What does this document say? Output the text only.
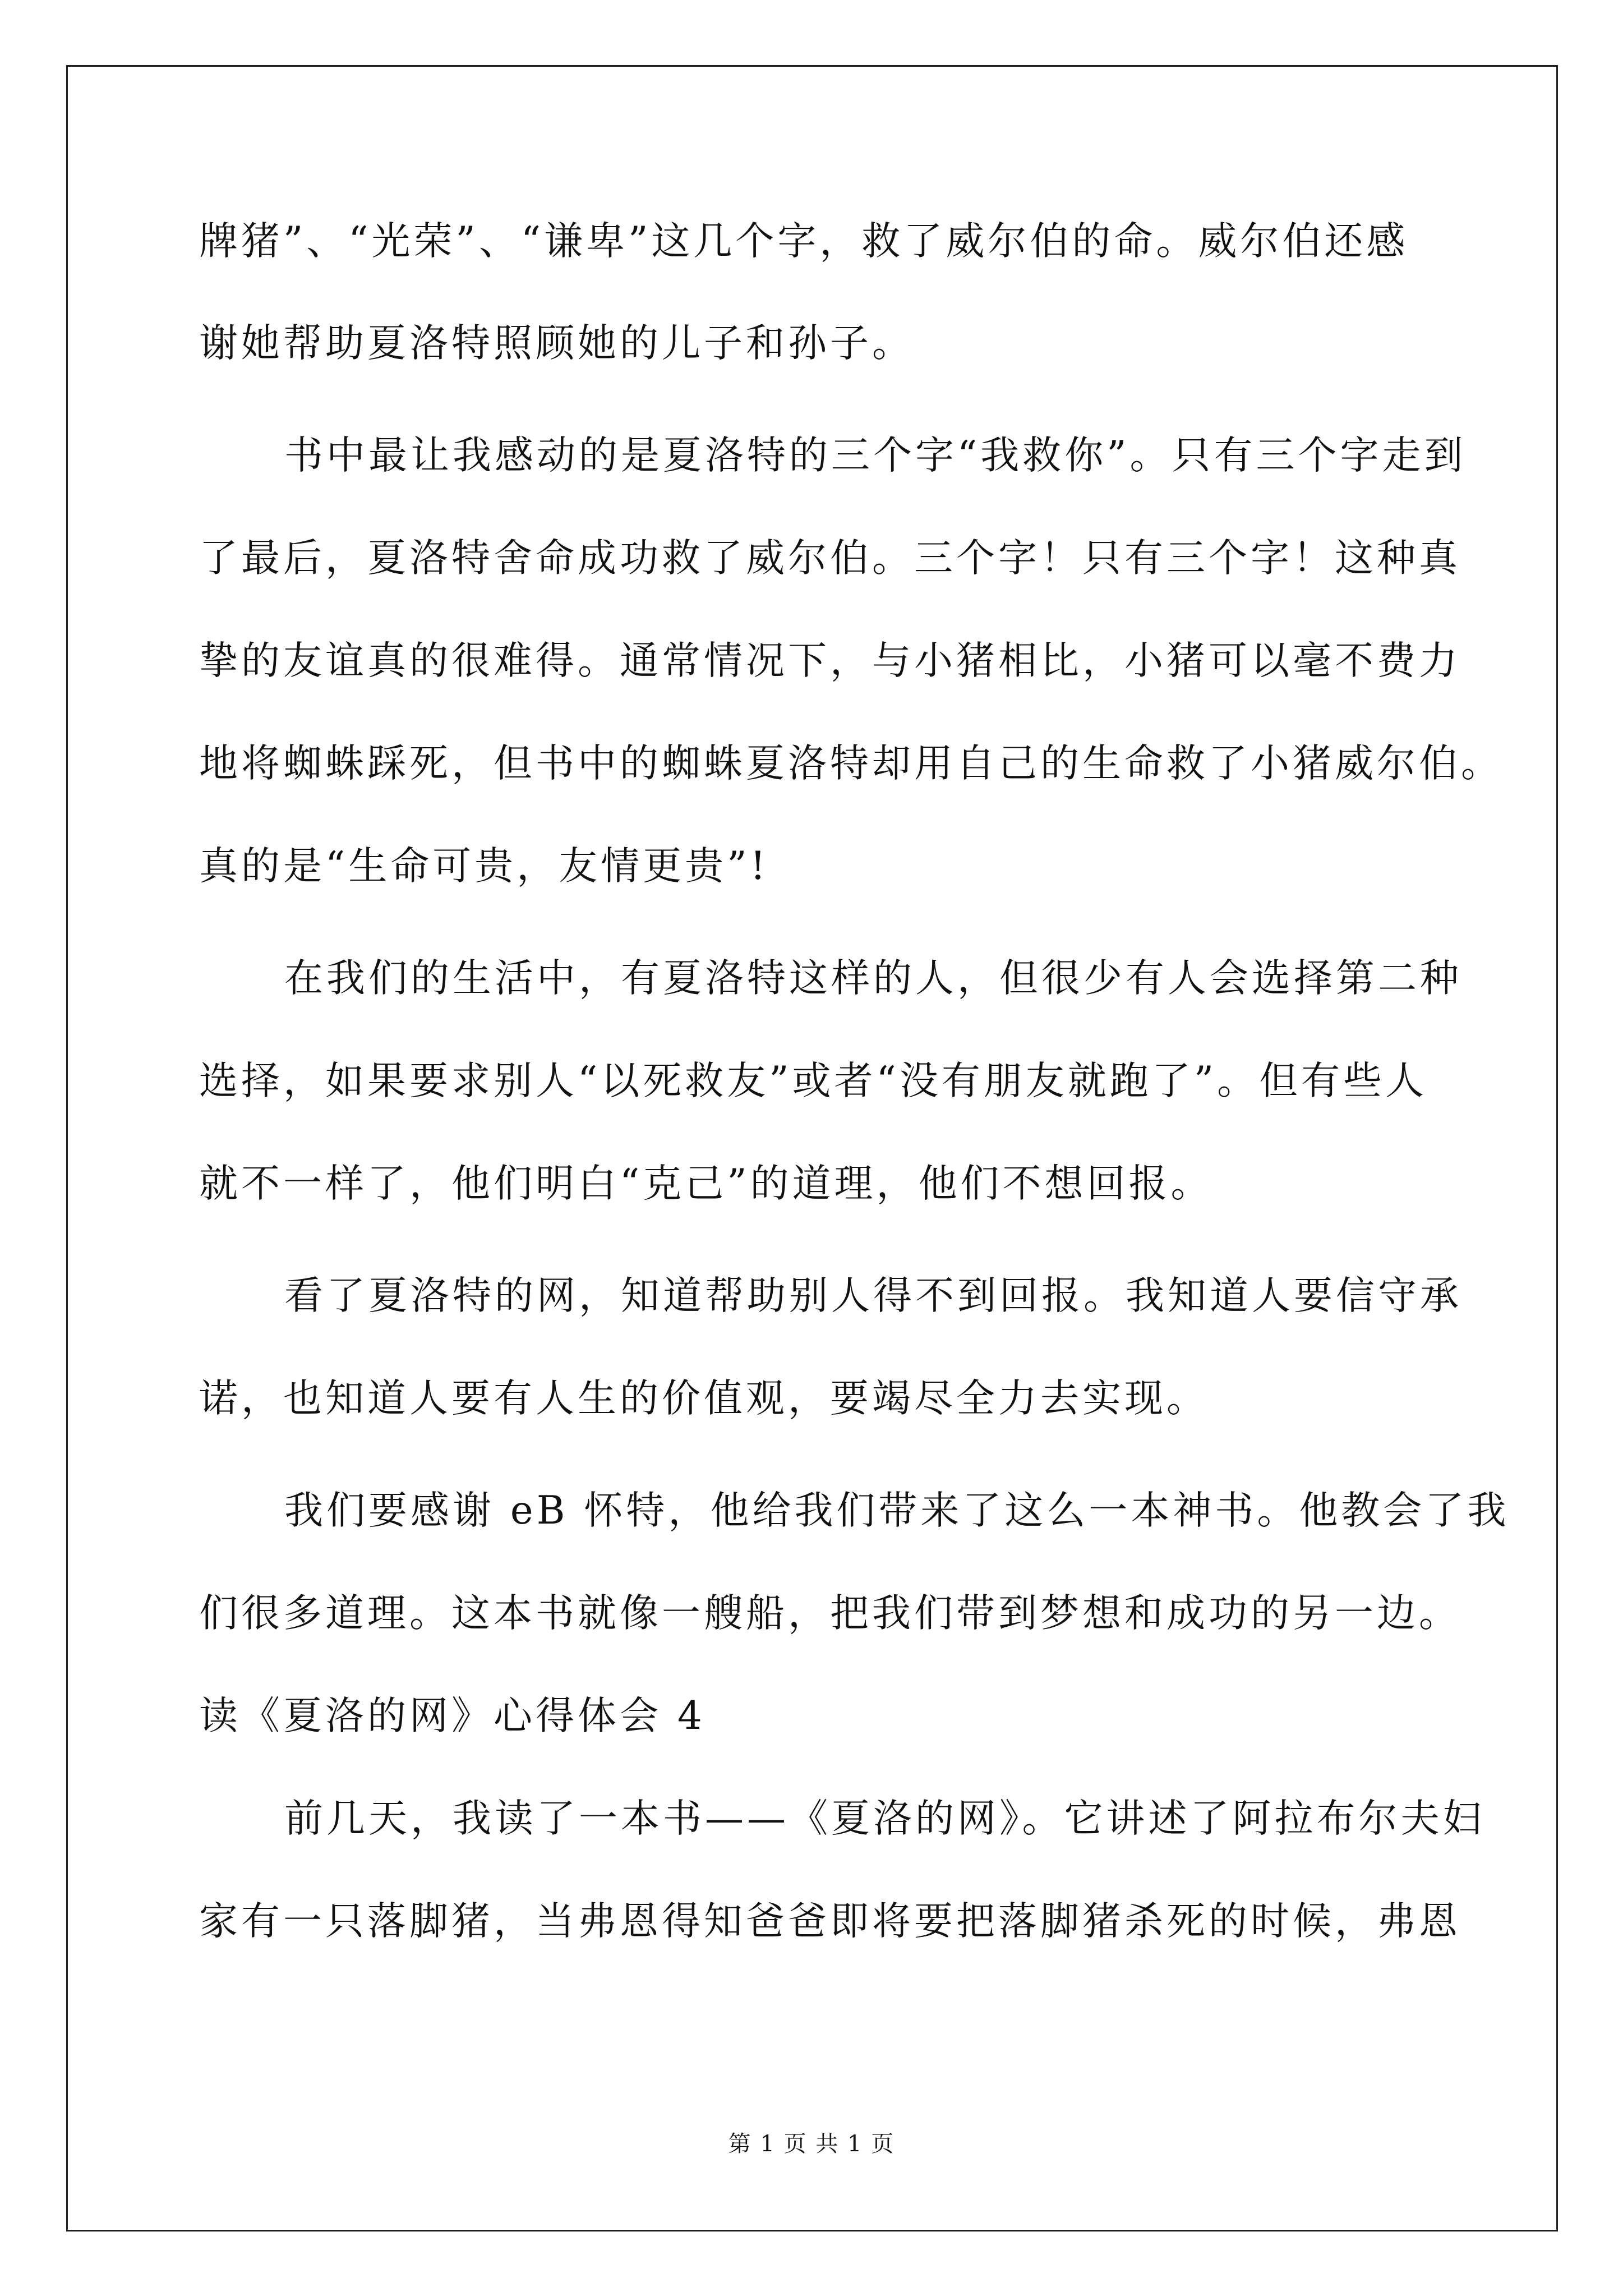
牌猪”、“光荣”、“谦卑”这几个字，救了威尔伯的命。威尔伯还感
谢她帮助夏洛特照顾她的儿子和孙子。
书中最让我感动的是夏洛特的三个字“我救你”。只有三个字走到
了最后，夏洛特舍命成功救了威尔伯。三个字！只有三个字！这种真
挚的友谊真的很难得。通常情况下，与小猪相比，小猪可以毫不费力
地将蜘蛛踩死，但书中的蜘蛛夏洛特却用自己的生命救了小猪威尔伯。
真的是“生命可贵，友情更贵”!
在我们的生活中，有夏洛特这样的人，但很少有人会选择第二种
选择，如果要求别人“以死救友”或者“没有朋友就跑了”。但有些人
就不一样了，他们明白“克己”的道理，他们不想回报。
看了夏洛特的网，知道帮助别人得不到回报。我知道人要信守承
诺，也知道人要有人生的价值观，要竭尽全力去实现。
我们要感谢 eB 怀特，他给我们带来了这么一本神书。他教会了我
们很多道理。这本书就像一艘船，把我们带到梦想和成功的另一边。
读《夏洛的网》心得体会 4
前几天，我读了一本书——《夏洛的网》。它讲述了阿拉布尔夫妇
家有一只落脚猪，当弗恩得知爸爸即将要把落脚猪杀死的时候，弗恩
第 1 页 共 1 页
